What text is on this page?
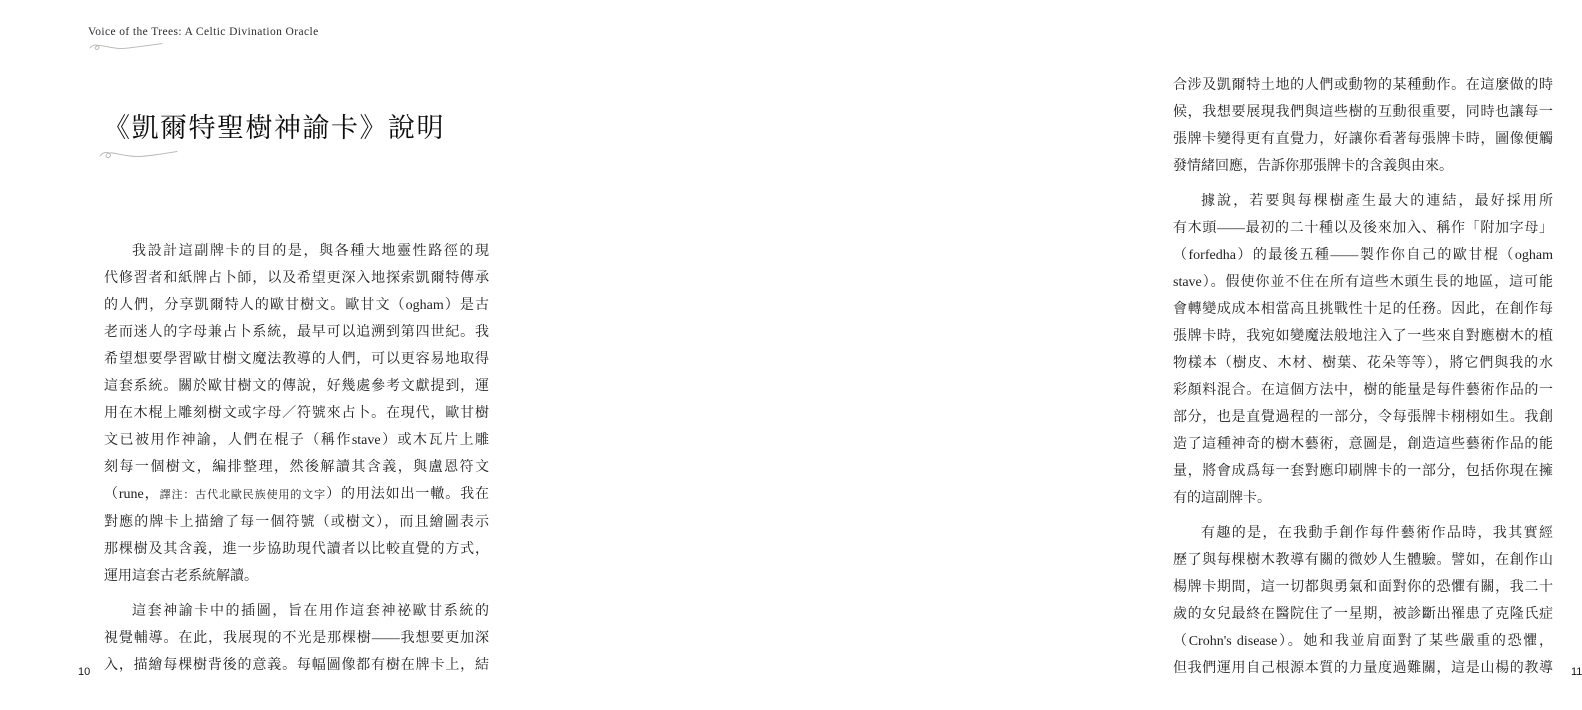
Voice of the Trees: A Celtic Divination Oracle
《凱爾特聖樹神諭卡》說明
我設計這副牌卡的目的是，與各種大地靈性路徑的現
代修習者和紙牌占卜師，以及希望更深入地探索凱爾特傳承
的人們，分享凱爾特人的歐甘樹文。歐甘文（ogham）是古
老而迷人的字母兼占卜系統，最早可以追溯到第四世紀。我
希望想要學習歐甘樹文魔法教導的人們，可以更容易地取得
這套系統。關於歐甘樹文的傳說，好幾處參考文獻提到，運
用在木棍上雕刻樹文或字母／符號來占卜。在現代，歐甘樹
文已被用作神諭，人們在棍子（稱作stave）或木瓦片上雕
刻每一個樹文，編排整理，然後解讀其含義，與盧恩符文
（rune，譯注：古代北歐民族使用的文字）的用法如出一轍。我在
對應的牌卡上描繪了每一個符號（或樹文），而且繪圖表示
那棵樹及其含義，進一步協助現代讀者以比較直覺的方式，
運用這套古老系統解讀。
這套神諭卡中的插圖，旨在用作這套神祕歐甘系統的
視覺輔導。在此，我展現的不光是那棵樹——我想要更加深
入，描繪每棵樹背後的意義。每幅圖像都有樹在牌卡上，結
10
合涉及凱爾特土地的人們或動物的某種動作。在這麼做的時
候，我想要展現我們與這些樹的互動很重要，同時也讓每一
張牌卡變得更有直覺力，好讓你看著每張牌卡時，圖像便觸
發情緒回應，告訴你那張牌卡的含義與由來。
據說，若要與每棵樹產生最大的連結，最好採用所
有木頭——最初的二十種以及後來加入、稱作「附加字母」
（forfedha）的最後五種——製作你自己的歐甘棍（ogham
stave）。假使你並不住在所有這些木頭生長的地區，這可能
會轉變成成本相當高且挑戰性十足的任務。因此，在創作每
張牌卡時，我宛如變魔法般地注入了一些來自對應樹木的植
物樣本（樹皮、木材、樹葉、花朵等等），將它們與我的水
彩顏料混合。在這個方法中，樹的能量是每件藝術作品的一
部分，也是直覺過程的一部分，令每張牌卡栩栩如生。我創
造了這種神奇的樹木藝術，意圖是，創造這些藝術作品的能
量，將會成爲每一套對應印刷牌卡的一部分，包括你現在擁
有的這副牌卡。
有趣的是，在我動手創作每件藝術作品時，我其實經
歷了與每棵樹木教導有關的微妙人生體驗。譬如，在創作山
楊牌卡期間，這一切都與勇氣和面對你的恐懼有關，我二十
歲的女兒最終在醫院住了一星期，被診斷出罹患了克隆氏症
（Crohn's disease）。她和我並肩面對了某些嚴重的恐懼，
但我們運用自己根源本質的力量度過難關，這是山楊的教導 11
